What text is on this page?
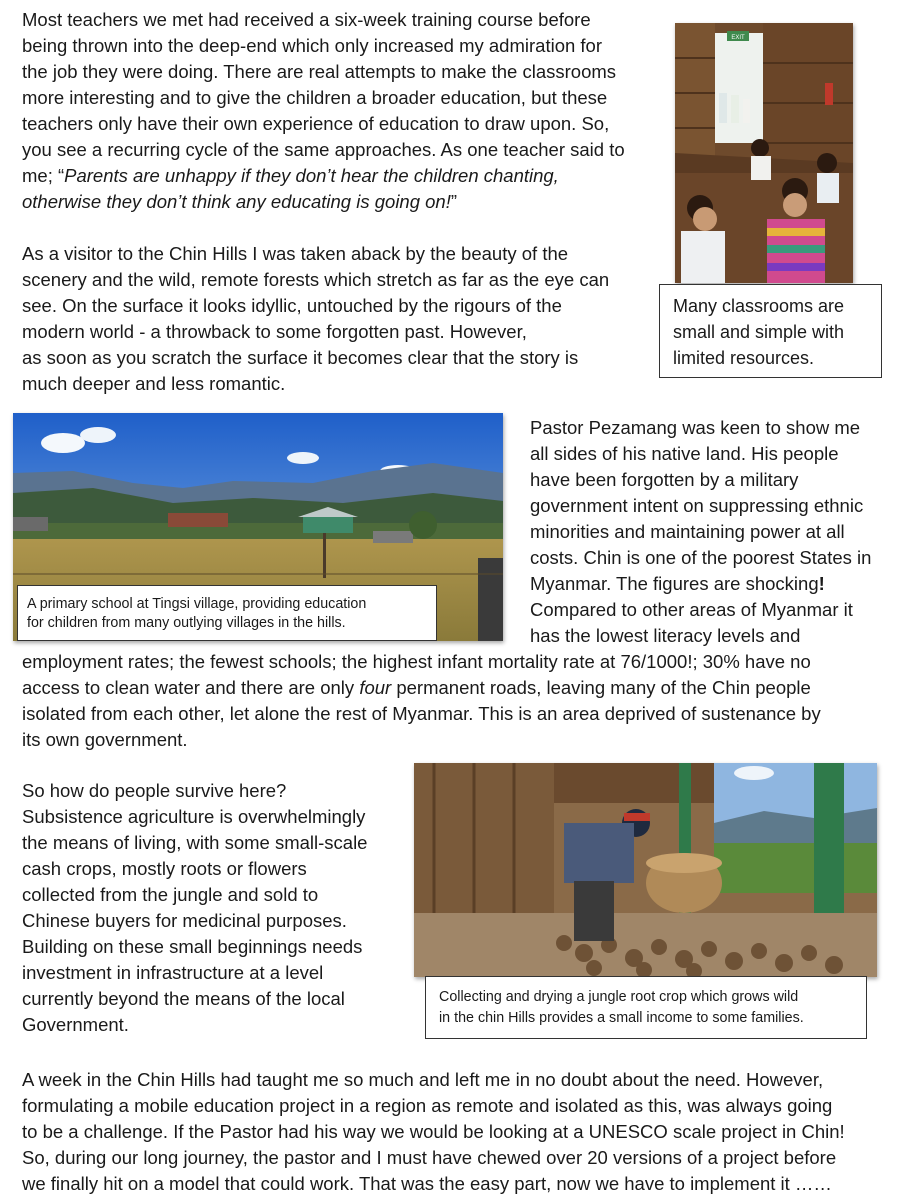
Most teachers we met had received a six-week training course before
being thrown into the deep-end which only increased my admiration for
the job they were doing. There are real attempts to make the classrooms
more interesting and to give the children a broader education, but these
teachers only have their own experience of education to draw upon. So,
you see a recurring cycle of the same approaches. As one teacher said to
me; “Parents are unhappy if they don’t hear the children chanting,
otherwise they don’t think any educating is going on!”
As a visitor to the Chin Hills I was taken aback by the beauty of the
scenery and the wild, remote forests which stretch as far as the eye can
see. On the surface it looks idyllic, untouched by the rigours of the
modern world - a throwback to some forgotten past. However,
as soon as you scratch the surface it becomes clear that the story is
much deeper and less romantic.
EXIT
Many classrooms are
small and simple with
limited resources.
A primary school at Tingsi village, providing education
for children from many outlying villages in the hills.
Pastor Pezamang was keen to show me
all sides of his native land. His people
have been forgotten by a military
government intent on suppressing ethnic
minorities and maintaining power at all
costs. Chin is one of the poorest States in
Myanmar. The figures are shocking!
Compared to other areas of Myanmar it
has the lowest literacy levels and
employment rates; the fewest schools; the highest infant mortality rate at 76/1000!; 30% have no
access to clean water and there are only four permanent roads, leaving many of the Chin people
isolated from each other, let alone the rest of Myanmar. This is an area deprived of sustenance by
its own government.
So how do people survive here?
Subsistence agriculture is overwhelmingly
the means of living, with some small-scale
cash crops, mostly roots or flowers
collected from the jungle and sold to
Chinese buyers for medicinal purposes.
Building on these small beginnings needs
investment in infrastructure at a level
currently beyond the means of the local
Government.
Collecting and drying a jungle root crop which grows wild
in the chin Hills provides a small income to some families.
A week in the Chin Hills had taught me so much and left me in no doubt about the need. However,
formulating a mobile education project in a region as remote and isolated as this, was always going
to be a challenge. If the Pastor had his way we would be looking at a UNESCO scale project in Chin!
So, during our long journey, the pastor and I must have chewed over 20 versions of a project before
we finally hit on a model that could work. That was the easy part, now we have to implement it ……
